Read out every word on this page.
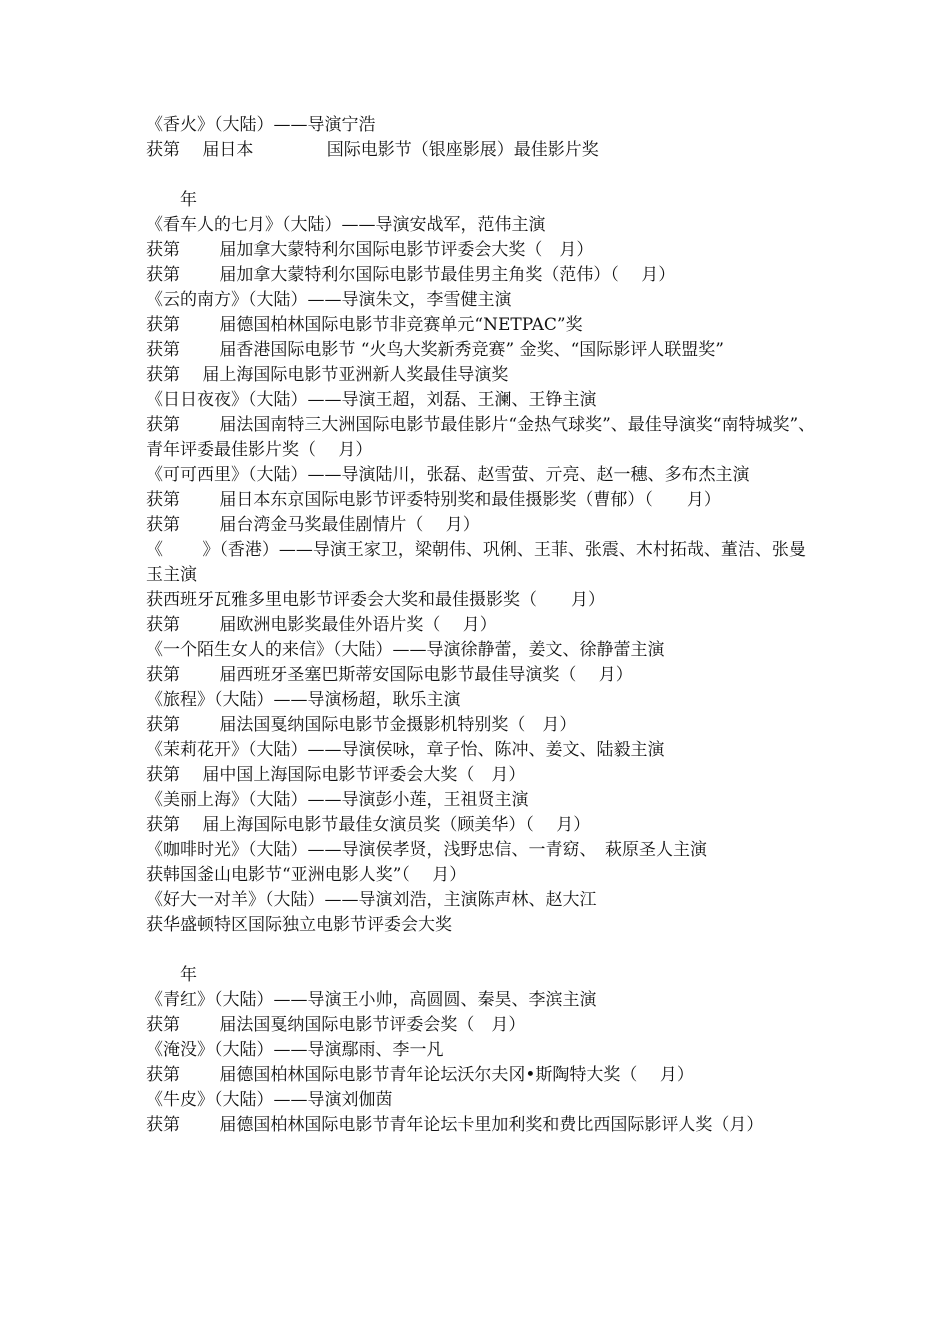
《香火》（大陆）——导演宁浩

获第　 届日本　　　　 国际电影节（银座影展）最佳影片奖

　　年

《看车人的七月》（大陆）——导演安战军，范伟主演

获第　 　届加拿大蒙特利尔国际电影节评委会大奖（　月）

获第　 　届加拿大蒙特利尔国际电影节最佳男主角奖（范伟）（　 月）

《云的南方》（大陆）——导演朱文，李雪健主演

获第　 　届德国柏林国际电影节非竞赛单元“NETPAC”奖

获第　 　届香港国际电影节 “火鸟大奖新秀竞赛” 金奖、“国际影评人联盟奖”

获第　 届上海国际电影节亚洲新人奖最佳导演奖

《日日夜夜》（大陆）——导演王超，刘磊、王澜、王铮主演

获第　 　届法国南特三大洲国际电影节最佳影片“金热气球奖”、最佳导演奖“南特城奖”、青年评委最佳影片奖（　 月）

《可可西里》（大陆）——导演陆川，张磊、赵雪萤、亓亮、赵一穗、多布杰主演

获第　 　届日本东京国际电影节评委特别奖和最佳摄影奖（曹郁）（　　月）

获第　 　届台湾金马奖最佳剧情片（　 月）

《　　 》（香港）——导演王家卫，梁朝伟、巩俐、王菲、张震、木村拓哉、董洁、张曼玉主演

获西班牙瓦雅多里电影节评委会大奖和最佳摄影奖（　　月）

获第　 　届欧洲电影奖最佳外语片奖（　 月）

《一个陌生女人的来信》（大陆）——导演徐静蕾，姜文、徐静蕾主演

获第　 　届西班牙圣塞巴斯蒂安国际电影节最佳导演奖（　 月）

《旅程》（大陆）——导演杨超，耿乐主演

获第　 　届法国戛纳国际电影节金摄影机特别奖（　月）

《茉莉花开》（大陆）——导演侯咏，章子怡、陈冲、姜文、陆毅主演

获第　 届中国上海国际电影节评委会大奖（　月）

《美丽上海》（大陆）——导演彭小莲，王祖贤主演

获第　 届上海国际电影节最佳女演员奖（顾美华）（　 月）

《咖啡时光》（大陆）——导演侯孝贤，浅野忠信、一青窈、　萩原圣人主演

获韩国釜山电影节“亚洲电影人奖”（　 月）

《好大一对羊》（大陆）——导演刘浩，主演陈声林、赵大江

获华盛顿特区国际独立电影节评委会大奖

　　年

《青红》（大陆）——导演王小帅，高圆圆、秦昊、李滨主演

获第　 　届法国戛纳国际电影节评委会奖（　月）

《淹没》（大陆）——导演鄢雨、李一凡

获第　 　届德国柏林国际电影节青年论坛沃尔夫冈•斯陶特大奖（　 月）

《牛皮》（大陆）——导演刘伽茵

获第　 　届德国柏林国际电影节青年论坛卡里加利奖和费比西国际影评人奖（月）
